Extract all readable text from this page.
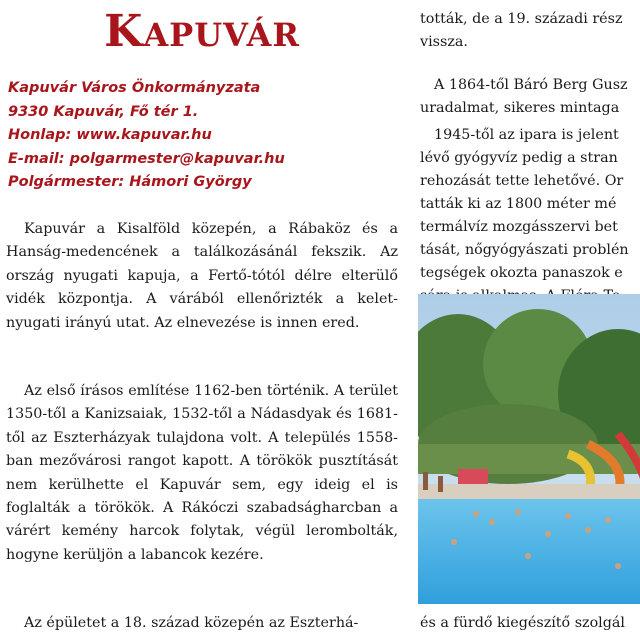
KAPUVÁR
Kapuvár Város Önkormányzata
9330 Kapuvár, Fő tér 1.
Honlap: www.kapuvar.hu
E-mail: polgarmester@kapuvar.hu
Polgármester: Hámori György
Kapuvár a Kisalföld közepén, a Rábaköz és a Hanság-medencének a találkozásánál fekszik. Az ország nyugati kapuja, a Fertő-tótól délre elterülő vidék központja. A várából ellenőrizték a kelet-nyugati irányú utat. Az elnevezése is innen ered.
Az első írásos említése 1162-ben történik. A terület 1350-től a Kanizsaiak, 1532-től a Nádasdyak és 1681-től az Eszterházyak tulajdona volt. A település 1558-ban mezővárosi rangot kapott. A törökök pusztítását nem kerülhette el Kapuvár sem, egy ideig el is foglalták a törökök. A Rákóczi szabadságharcban a várért kemény harcok folytak, végül lerombolták, hogyne kerüljön a labancok kezére.
Az épületet a 18. század közepén az Eszterhá-
tották, de a 19. századi rész
vissza.
A 1864-től Báró Berg Gusz
uradalmat, sikeres mintaga
1945-től az ipara is jelent
lévő gyógyvíz pedig a stran
rehozását tette lehetővé. Or
tatták ki az 1800 méter mé
termálvíz mozgásszervi bet
tását, nőgyógyászati problén
tegségek okozta panaszok e
és a fürdő kiegészítő szolgál
